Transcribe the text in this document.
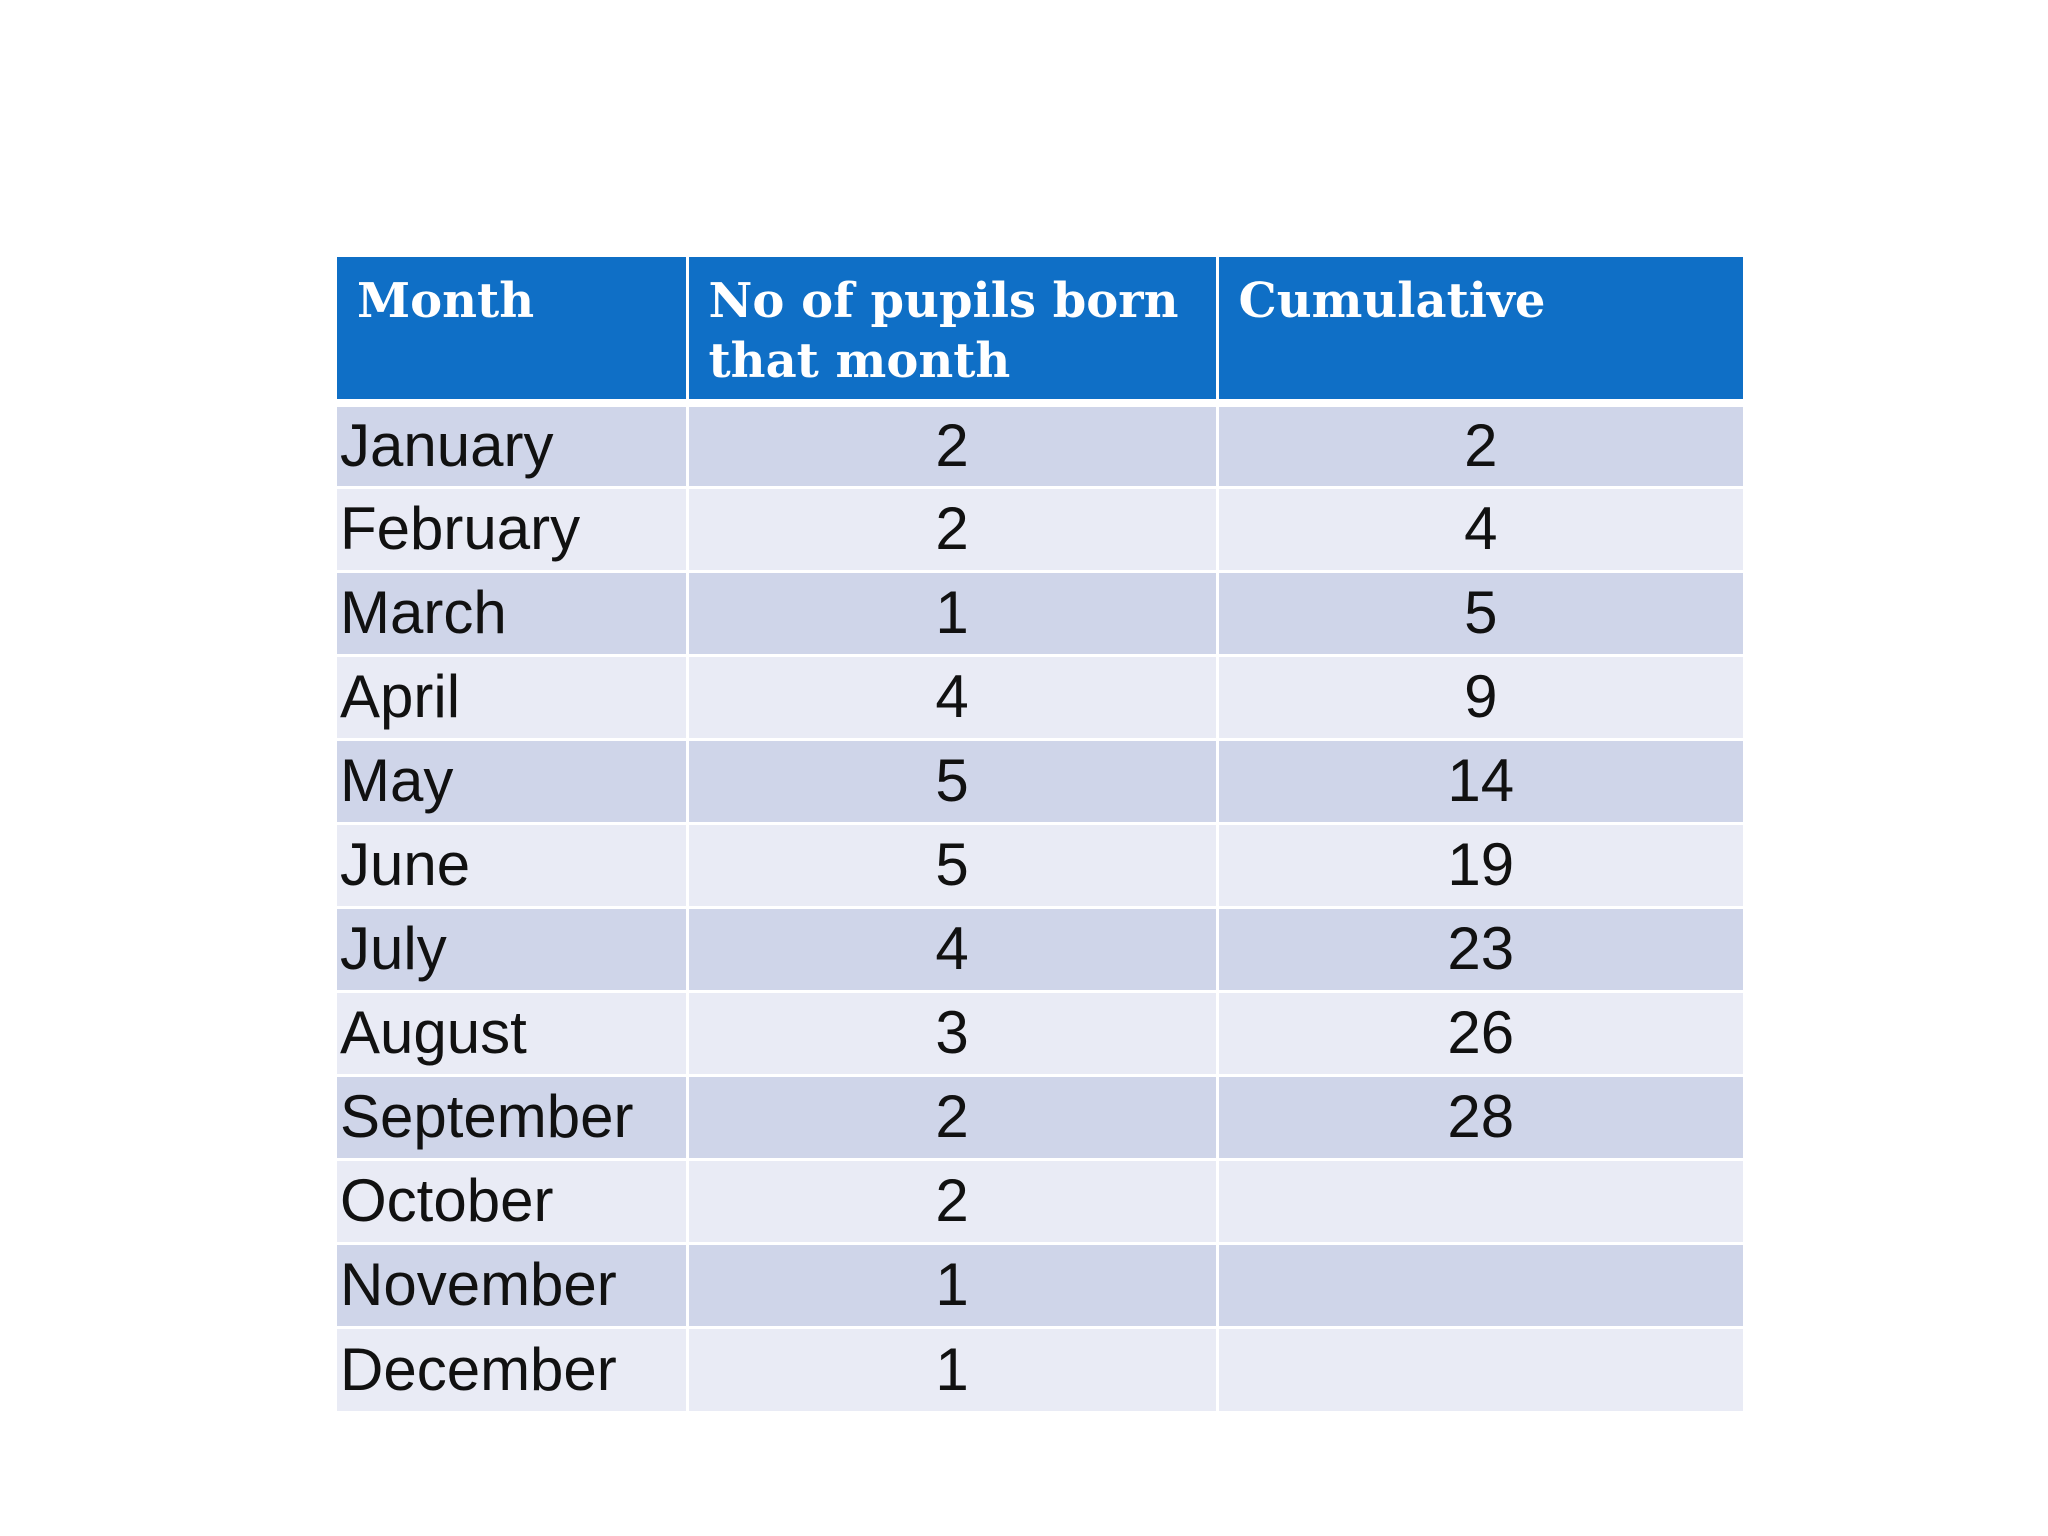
Month	No of pupils born that month	Cumulative
January	2	2
February	2	4
March	1	5
April	4	9
May	5	14
June	5	19
July	4	23
August	3	26
September	2	28
October	2	
November	1	
December	1	
